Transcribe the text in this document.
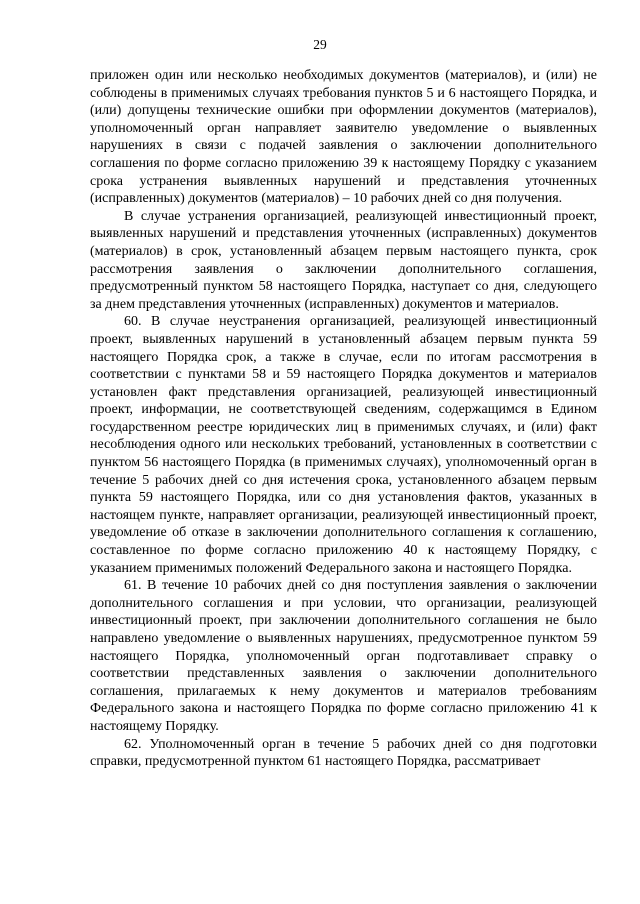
29

приложен один или несколько необходимых документов (материалов), и (или) не соблюдены в применимых случаях требования пунктов 5 и 6 настоящего Порядка, и (или) допущены технические ошибки при оформлении документов (материалов), уполномоченный орган направляет заявителю уведомление о выявленных нарушениях в связи с подачей заявления о заключении дополнительного соглашения по форме согласно приложению 39 к настоящему Порядку с указанием срока устранения выявленных нарушений и представления уточненных (исправленных) документов (материалов) – 10 рабочих дней со дня получения.

В случае устранения организацией, реализующей инвестиционный проект, выявленных нарушений и представления уточненных (исправленных) документов (материалов) в срок, установленный абзацем первым настоящего пункта, срок рассмотрения заявления о заключении дополнительного соглашения, предусмотренный пунктом 58 настоящего Порядка, наступает со дня, следующего за днем представления уточненных (исправленных) документов и материалов.

60. В случае неустранения организацией, реализующей инвестиционный проект, выявленных нарушений в установленный абзацем первым пункта 59 настоящего Порядка срок, а также в случае, если по итогам рассмотрения в соответствии с пунктами 58 и 59 настоящего Порядка документов и материалов установлен факт представления организацией, реализующей инвестиционный проект, информации, не соответствующей сведениям, содержащимся в Едином государственном реестре юридических лиц в применимых случаях, и (или) факт несоблюдения одного или нескольких требований, установленных в соответствии с пунктом 56 настоящего Порядка (в применимых случаях), уполномоченный орган в течение 5 рабочих дней со дня истечения срока, установленного абзацем первым пункта 59 настоящего Порядка, или со дня установления фактов, указанных в настоящем пункте, направляет организации, реализующей инвестиционный проект, уведомление об отказе в заключении дополнительного соглашения к соглашению, составленное по форме согласно приложению 40 к настоящему Порядку, с указанием применимых положений Федерального закона и настоящего Порядка.

61. В течение 10 рабочих дней со дня поступления заявления о заключении дополнительного соглашения и при условии, что организации, реализующей инвестиционный проект, при заключении дополнительного соглашения не было направлено уведомление о выявленных нарушениях, предусмотренное пунктом 59 настоящего Порядка, уполномоченный орган подготавливает справку о соответствии представленных заявления о заключении дополнительного соглашения, прилагаемых к нему документов и материалов требованиям Федерального закона и настоящего Порядка по форме согласно приложению 41 к настоящему Порядку.

62. Уполномоченный орган в течение 5 рабочих дней со дня подготовки справки, предусмотренной пунктом 61 настоящего Порядка, рассматривает
